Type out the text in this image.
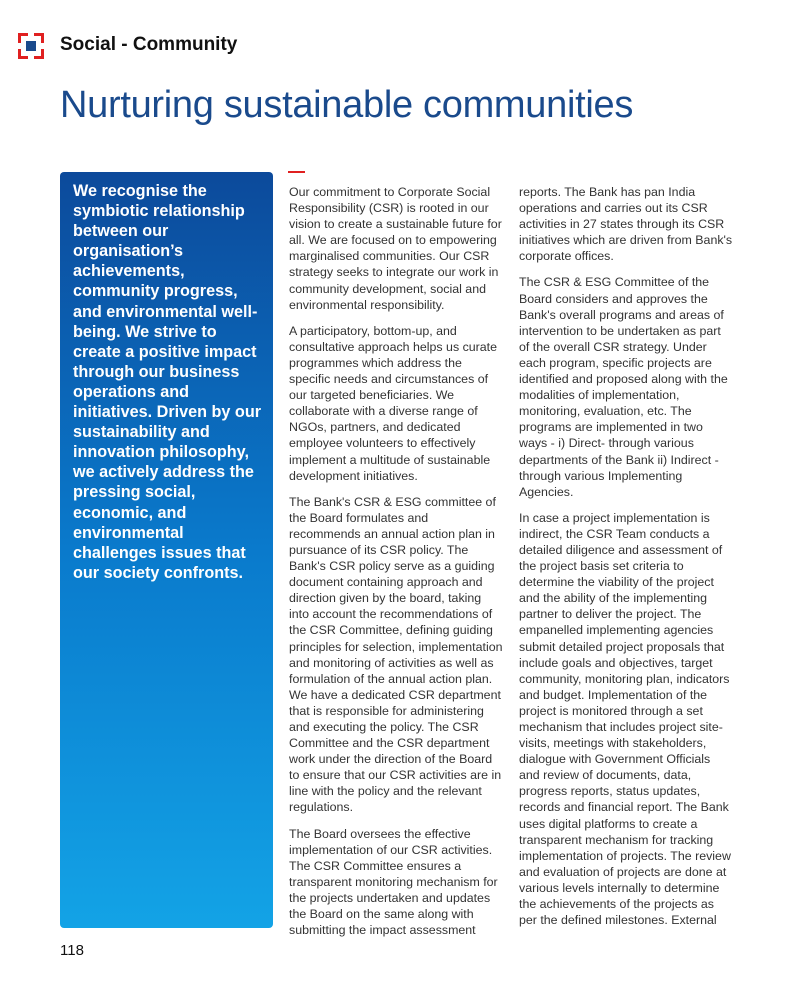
Social - Community
Nurturing sustainable communities

We recognise the symbiotic relationship between our organisation’s achievements, community progress, and environmental well-being. We strive to create a positive impact through our business operations and initiatives. Driven by our sustainability and innovation philosophy, we actively address the pressing social, economic, and environmental challenges issues that our society confronts.

Our commitment to Corporate Social Responsibility (CSR) is rooted in our vision to create a sustainable future for all. We are focused on to empowering marginalised communities. Our CSR strategy seeks to integrate our work in community development, social and environmental responsibility.

A participatory, bottom-up, and consultative approach helps us curate programmes which address the specific needs and circumstances of our targeted beneficiaries. We collaborate with a diverse range of NGOs, partners, and dedicated employee volunteers to effectively implement a multitude of sustainable development initiatives.

The Bank's CSR & ESG committee of the Board formulates and recommends an annual action plan in pursuance of its CSR policy. The Bank's CSR policy serve as a guiding document containing approach and direction given by the board, taking into account the recommendations of the CSR Committee, defining guiding principles for selection, implementation and monitoring of activities as well as formulation of the annual action plan. We have a dedicated CSR department that is responsible for administering and executing the policy. The CSR Committee and the CSR department work under the direction of the Board to ensure that our CSR activities are in line with the policy and the relevant regulations.

The Board oversees the effective implementation of our CSR activities. The CSR Committee ensures a transparent monitoring mechanism for the projects undertaken and updates the Board on the same along with submitting the impact assessment

reports. The Bank has pan India operations and carries out its CSR activities in 27 states through its CSR initiatives which are driven from Bank's corporate offices.

The CSR & ESG Committee of the Board considers and approves the Bank's overall programs and areas of intervention to be undertaken as part of the overall CSR strategy. Under each program, specific projects are identified and proposed along with the modalities of implementation, monitoring, evaluation, etc. The programs are implemented in two ways - i) Direct- through various departments of the Bank ii) Indirect - through various Implementing Agencies.

In case a project implementation is indirect, the CSR Team conducts a detailed diligence and assessment of the project basis set criteria to determine the viability of the project and the ability of the implementing partner to deliver the project. The empanelled implementing agencies submit detailed project proposals that include goals and objectives, target community, monitoring plan, indicators and budget. Implementation of the project is monitored through a set mechanism that includes project site-visits, meetings with stakeholders, dialogue with Government Officials and review of documents, data, progress reports, status updates, records and financial report. The Bank uses digital platforms to create a transparent mechanism for tracking implementation of projects. The review and evaluation of projects are done at various levels internally to determine the achievements of the projects as per the defined milestones. External

118
